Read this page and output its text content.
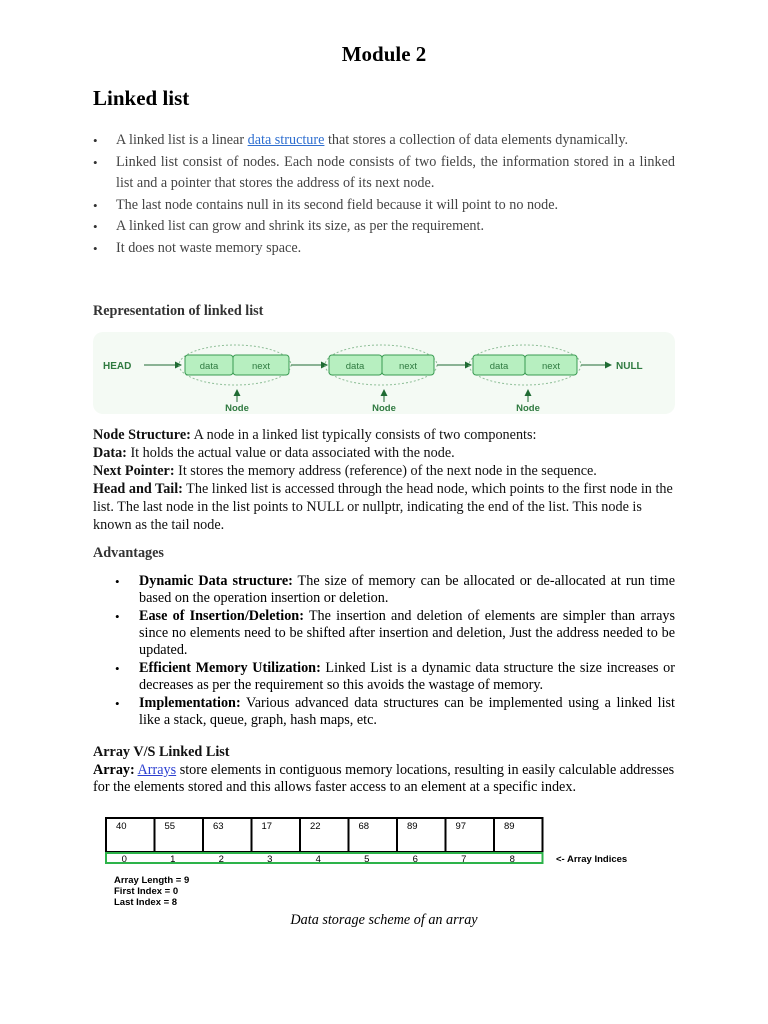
Module 2
Linked list
• A linked list is a linear data structure that stores a collection of data elements dynamically.
• Linked list consist of nodes. Each node consists of two fields, the information stored in a linked list and a pointer that stores the address of its next node.
• The last node contains null in its second field because it will point to no node.
• A linked list can grow and shrink its size, as per the requirement.
• It does not waste memory space.
Representation of linked list
HEAD	data	next
Node
data	next
Node
data	next
Node
NULL

Node Structure: A node in a linked list typically consists of two components:

Data: It holds the actual value or data associated with the node.

Next Pointer: It stores the memory address (reference) of the next node in the sequence.

Head and Tail: The linked list is accessed through the head node, which points to the first node in the list. The last node in the list points to NULL or nullptr, indicating the end of the list. This node is known as the tail node.

Advantages
• Dynamic Data structure: The size of memory can be allocated or de-allocated at run time based on the operation insertion or deletion.
• Ease of Insertion/Deletion: The insertion and deletion of elements are simpler than arrays since no elements need to be shifted after insertion and deletion, Just the address needed to be updated.
• Efficient Memory Utilization: Linked List is a dynamic data structure the size increases or decreases as per the requirement so this avoids the wastage of memory.
• Implementation: Various advanced data structures can be implemented using a linked list like a stack, queue, graph, hash maps, etc.
Array V/S Linked List

Array: Arrays store elements in contiguous memory locations, resulting in easily calculable addresses for the elements stored and this allows faster access to an element at a specific index.

40	55	63	17	22	68	89	97	89
0	1	2	3	4	5	6	7	8	<- Array Indices
Array Length = 9
First Index = 0
Last Index = 8
Data storage scheme of an array
